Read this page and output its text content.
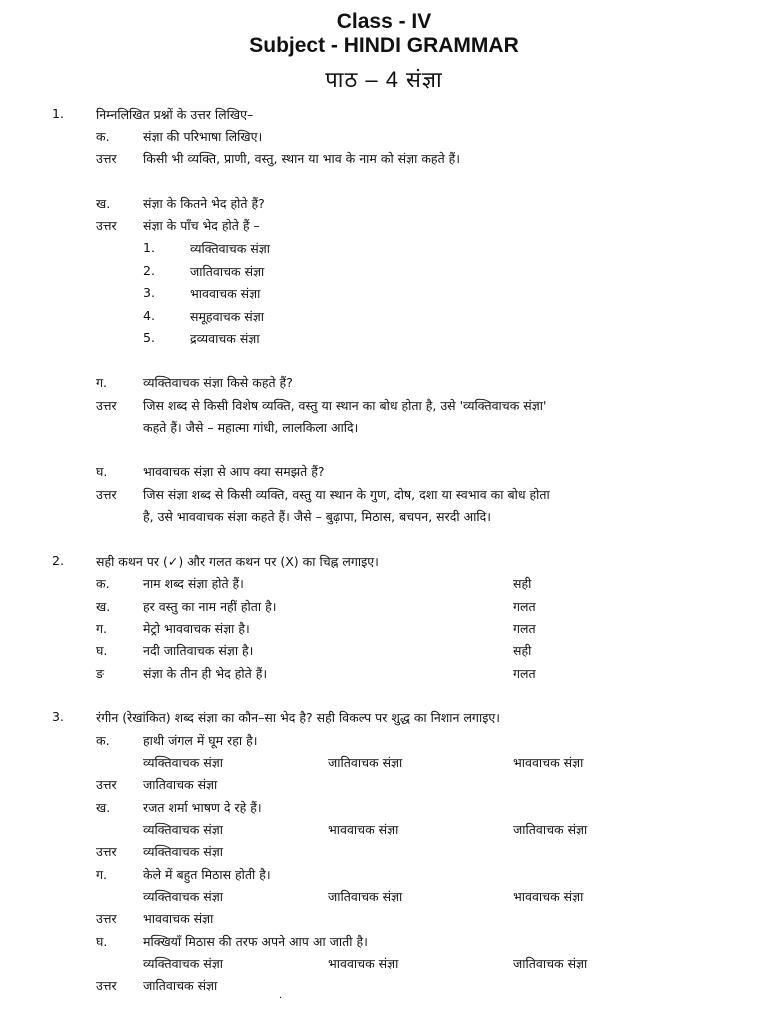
Class - IV
Subject - HINDI GRAMMAR
पाठ – 4 संज्ञा
1.	निम्नलिखित प्रश्नों के उत्तर लिखिए–
क.	संज्ञा की परिभाषा लिखिए।
उत्तर किसी भी व्यक्ति, प्राणी, वस्तु, स्थान या भाव के नाम को संज्ञा कहते हैं।
ख.	संज्ञा के कितने भेद होते हैं?
उत्तर संज्ञा के पाँच भेद होते हैं –
1.	व्यक्तिवाचक संज्ञा
2.	जातिवाचक संज्ञा
3.	भाववाचक संज्ञा
4.	समूहवाचक संज्ञा
5.	द्रव्यवाचक संज्ञा
ग.	व्यक्तिवाचक संज्ञा किसे कहते हैं?
उत्तर जिस शब्द से किसी विशेष व्यक्ति, वस्तु या स्थान का बोध होता है, उसे 'व्यक्तिवाचक संज्ञा'
कहते हैं। जैसे – महात्मा गांधी, लालकिला आदि।
घ.	भाववाचक संज्ञा से आप क्या समझते हैं?
उत्तर जिस संज्ञा शब्द से किसी व्यक्ति, वस्तु या स्थान के गुण, दोष, दशा या स्वभाव का बोध होता
है, उसे भाववाचक संज्ञा कहते हैं। जैसे – बुढ़ापा, मिठास, बचपन, सरदी आदि।
2.	सही कथन पर (✓) और गलत कथन पर (X) का चिह्न लगाइए।
क.	नाम शब्द संज्ञा होते हैं।	सही
ख.	हर वस्तु का नाम नहीं होता है।	गलत
ग.	मेट्रो भाववाचक संज्ञा है।	गलत
घ.	नदी जातिवाचक संज्ञा है।	सही
ङ	संज्ञा के तीन ही भेद होते हैं।	गलत
3.	रंगीन (रेखांकित) शब्द संज्ञा का कौन–सा भेद है? सही विकल्प पर शुद्ध का निशान लगाइए।
क.	हाथी जंगल में घूम रहा है।
व्यक्तिवाचक संज्ञा	जातिवाचक संज्ञा	भाववाचक संज्ञा
उत्तर जातिवाचक संज्ञा
ख.	रजत शर्मा भाषण दे रहे हैं।
व्यक्तिवाचक संज्ञा	भाववाचक संज्ञा	जातिवाचक संज्ञा
उत्तर व्यक्तिवाचक संज्ञा
ग.	केले में बहुत मिठास होती है।
व्यक्तिवाचक संज्ञा	जातिवाचक संज्ञा	भाववाचक संज्ञा
उत्तर भाववाचक संज्ञा
घ.	मक्खियाँ मिठास की तरफ अपने आप आ जाती है।
व्यक्तिवाचक संज्ञा	भाववाचक संज्ञा	जातिवाचक संज्ञा
उत्तर जातिवाचक संज्ञा
.
